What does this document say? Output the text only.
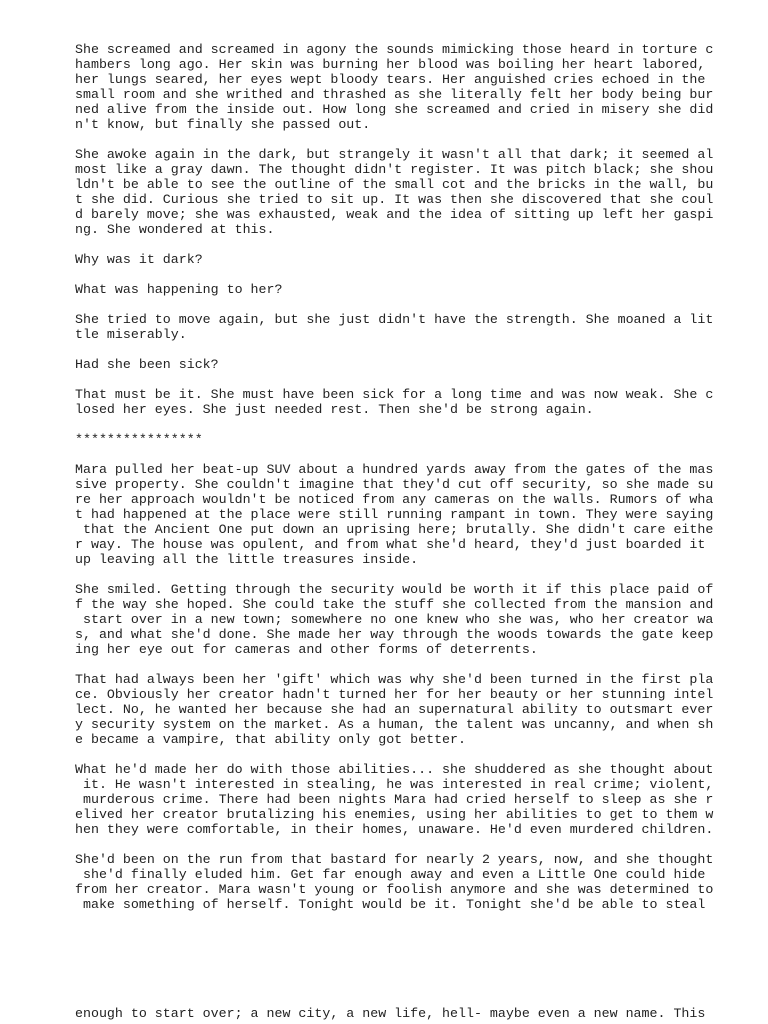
She screamed and screamed in agony the sounds mimicking those heard in torture c
hambers long ago. Her skin was burning her blood was boiling her heart labored,
her lungs seared, her eyes wept bloody tears. Her anguished cries echoed in the
small room and she writhed and thrashed as she literally felt her body being bur
ned alive from the inside out. How long she screamed and cried in misery she did
n't know, but finally she passed out.
She awoke again in the dark, but strangely it wasn't all that dark; it seemed al
most like a gray dawn. The thought didn't register. It was pitch black; she shou
ldn't be able to see the outline of the small cot and the bricks in the wall, bu
t she did. Curious she tried to sit up. It was then she discovered that she coul
d barely move; she was exhausted, weak and the idea of sitting up left her gaspi
ng. She wondered at this.
Why was it dark?
What was happening to her?
She tried to move again, but she just didn't have the strength. She moaned a lit
tle miserably.
Had she been sick?
That must be it. She must have been sick for a long time and was now weak. She c
losed her eyes. She just needed rest. Then she'd be strong again.
****************
Mara pulled her beat-up SUV about a hundred yards away from the gates of the mas
sive property. She couldn't imagine that they'd cut off security, so she made su
re her approach wouldn't be noticed from any cameras on the walls. Rumors of wha
t had happened at the place were still running rampant in town. They were saying
that the Ancient One put down an uprising here; brutally. She didn't care eithe
r way. The house was opulent, and from what she'd heard, they'd just boarded it
up leaving all the little treasures inside.
She smiled. Getting through the security would be worth it if this place paid of
f the way she hoped. She could take the stuff she collected from the mansion and
start over in a new town; somewhere no one knew who she was, who her creator wa
s, and what she'd done. She made her way through the woods towards the gate keep
ing her eye out for cameras and other forms of deterrents.
That had always been her 'gift' which was why she'd been turned in the first pla
ce. Obviously her creator hadn't turned her for her beauty or her stunning intel
lect. No, he wanted her because she had an supernatural ability to outsmart ever
y security system on the market. As a human, the talent was uncanny, and when sh
e became a vampire, that ability only got better.
What he'd made her do with those abilities... she shuddered as she thought about
it. He wasn't interested in stealing, he was interested in real crime; violent,
murderous crime. There had been nights Mara had cried herself to sleep as she r
elived her creator brutalizing his enemies, using her abilities to get to them w
hen they were comfortable, in their homes, unaware. He'd even murdered children.
She'd been on the run from that bastard for nearly 2 years, now, and she thought
she'd finally eluded him. Get far enough away and even a Little One could hide
from her creator. Mara wasn't young or foolish anymore and she was determined to
make something of herself. Tonight would be it. Tonight she'd be able to steal
enough to start over; a new city, a new life, hell- maybe even a new name. This
